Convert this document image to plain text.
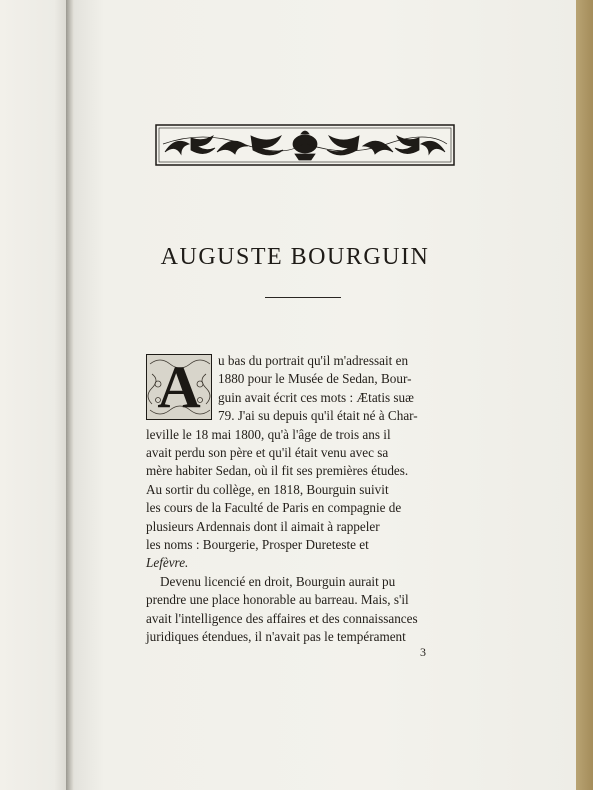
AUGUSTE BOURGUIN
A	u bas du portrait qu'il m'adressait en
1880 pour le Musée de Sedan, Bour-
guin avait écrit ces mots : Ætatis suæ
79. J'ai su depuis qu'il était né à Char-
leville le 18 mai 1800, qu'à l'âge de trois ans il
avait perdu son père et qu'il était venu avec sa
mère habiter Sedan, où il fit ses premières études.
Au sortir du collège, en 1818, Bourguin suivit
les cours de la Faculté de Paris en compagnie de
plusieurs Ardennais dont il aimait à rappeler
les noms : Bourgerie, Prosper Dureteste et
Lefèvre.
Devenu licencié en droit, Bourguin aurait pu
prendre une place honorable au barreau. Mais, s'il
avait l'intelligence des affaires et des connaissances
juridiques étendues, il n'avait pas le tempérament
3
